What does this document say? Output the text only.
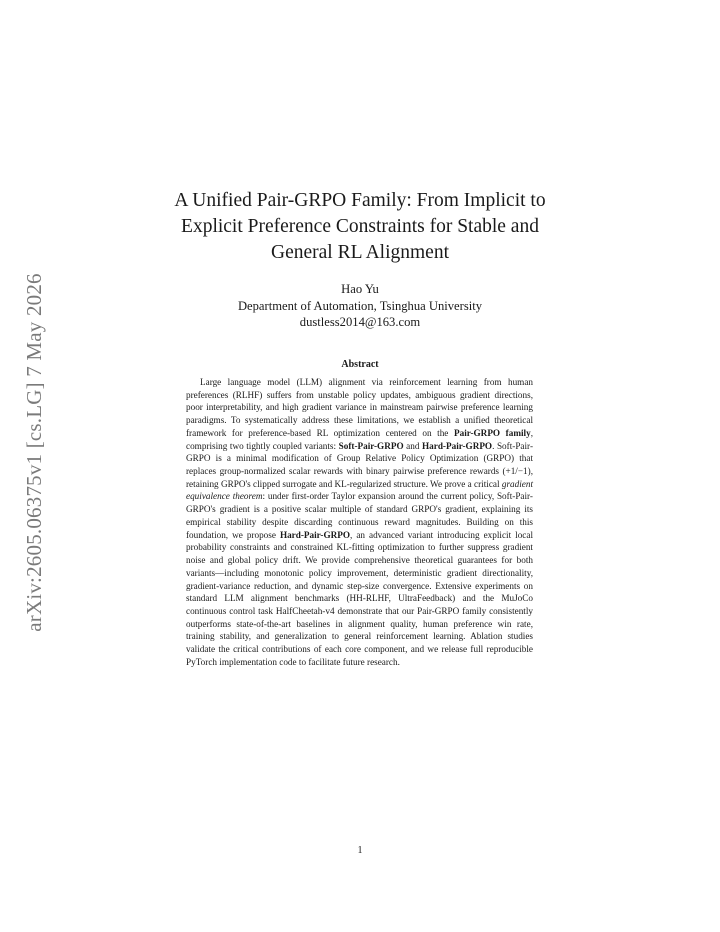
arXiv:2605.06375v1 [cs.LG] 7 May 2026
A Unified Pair-GRPO Family: From Implicit to
Explicit Preference Constraints for Stable and
General RL Alignment
Hao Yu
Department of Automation, Tsinghua University
dustless2014@163.com
Abstract

Large language model (LLM) alignment via reinforcement learning from human preferences (RLHF) suffers from unstable policy updates, ambiguous gradient directions, poor interpretability, and high gradient variance in mainstream pairwise preference learning paradigms. To systematically address these limitations, we establish a unified theoretical framework for preference-based RL optimization centered on the Pair-GRPO family, comprising two tightly coupled variants: Soft-Pair-GRPO and Hard-Pair-GRPO. Soft-Pair-GRPO is a minimal modification of Group Relative Policy Optimization (GRPO) that replaces group-normalized scalar rewards with binary pairwise preference rewards (+1/−1), retaining GRPO's clipped surrogate and KL-regularized structure. We prove a critical gradient equivalence theorem: under first-order Taylor expansion around the current policy, Soft-Pair-GRPO's gradient is a positive scalar multiple of standard GRPO's gradient, explaining its empirical stability despite discarding continuous reward magnitudes. Building on this foundation, we propose Hard-Pair-GRPO, an advanced variant introducing explicit local probability constraints and constrained KL-fitting optimization to further suppress gradient noise and global policy drift. We provide comprehensive theoretical guarantees for both variants—including monotonic policy improvement, deterministic gradient directionality, gradient-variance reduction, and dynamic step-size convergence. Extensive experiments on standard LLM alignment benchmarks (HH-RLHF, UltraFeedback) and the MuJoCo continuous control task HalfCheetah-v4 demonstrate that our Pair-GRPO family consistently outperforms state-of-the-art baselines in alignment quality, human preference win rate, training stability, and generalization to general reinforcement learning. Ablation studies validate the critical contributions of each core component, and we release full reproducible PyTorch implementation code to facilitate future research.

1
